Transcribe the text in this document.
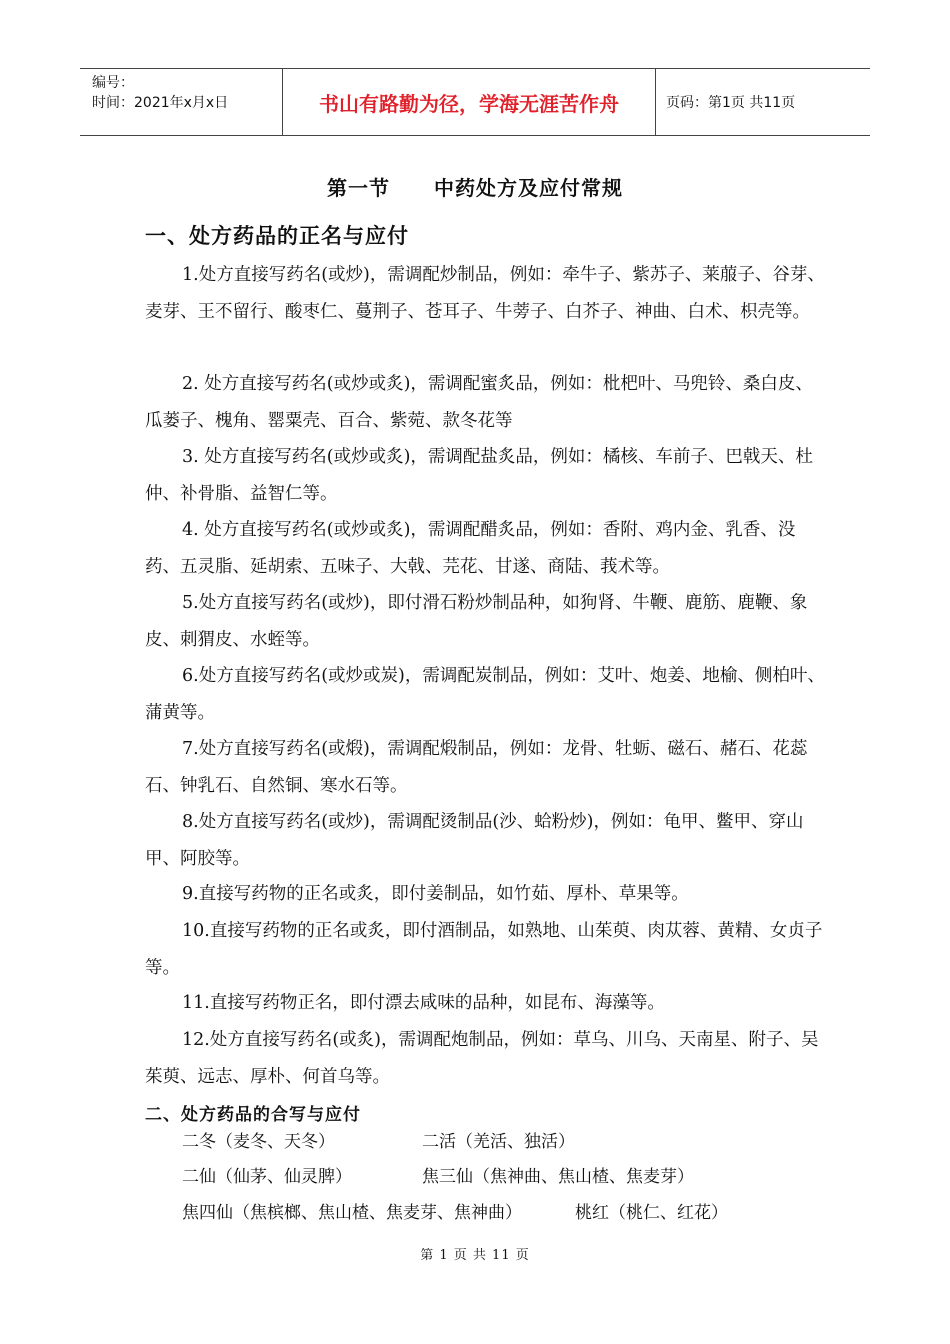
编号：
时间：2021年x月x日	书山有路勤为径，学海无涯苦作舟	页码：第1页 共11页
第一节 中药处方及应付常规
一、处方药品的正名与应付

1.处方直接写药名(或炒)，需调配炒制品，例如：牵牛子、紫苏子、莱菔子、谷芽、麦芽、王不留行、酸枣仁、蔓荆子、苍耳子、牛蒡子、白芥子、神曲、白术、枳壳等。

2. 处方直接写药名(或炒或炙)，需调配蜜炙品，例如：枇杷叶、马兜铃、桑白皮、瓜蒌子、槐角、罂粟壳、百合、紫菀、款冬花等

3. 处方直接写药名(或炒或炙)，需调配盐炙品，例如：橘核、车前子、巴戟天、杜仲、补骨脂、益智仁等。

4. 处方直接写药名(或炒或炙)，需调配醋炙品，例如：香附、鸡内金、乳香、没药、五灵脂、延胡索、五味子、大戟、芫花、甘遂、商陆、莪术等。

5.处方直接写药名(或炒)，即付滑石粉炒制品种，如狗肾、牛鞭、鹿筋、鹿鞭、象皮、刺猬皮、水蛭等。

6.处方直接写药名(或炒或炭)，需调配炭制品，例如：艾叶、炮姜、地榆、侧柏叶、蒲黄等。

7.处方直接写药名(或煅)，需调配煅制品，例如：龙骨、牡蛎、磁石、赭石、花蕊石、钟乳石、自然铜、寒水石等。

8.处方直接写药名(或炒)，需调配烫制品(沙、蛤粉炒)，例如：龟甲、鳖甲、穿山甲、阿胶等。

9.直接写药物的正名或炙，即付姜制品，如竹茹、厚朴、草果等。

10.直接写药物的正名或炙，即付酒制品，如熟地、山茱萸、肉苁蓉、黄精、女贞子等。

11.直接写药物正名，即付漂去咸味的品种，如昆布、海藻等。

12.处方直接写药名(或炙)，需调配炮制品，例如：草乌、川乌、天南星、附子、吴茱萸、远志、厚朴、何首乌等。

二、处方药品的合写与应付
二冬（麦冬、天冬）	二活（羌活、独活）
二仙（仙茅、仙灵脾）	焦三仙（焦神曲、焦山楂、焦麦芽）
焦四仙（焦槟榔、焦山楂、焦麦芽、焦神曲）	桃红（桃仁、红花）
第 1 页 共 11 页
